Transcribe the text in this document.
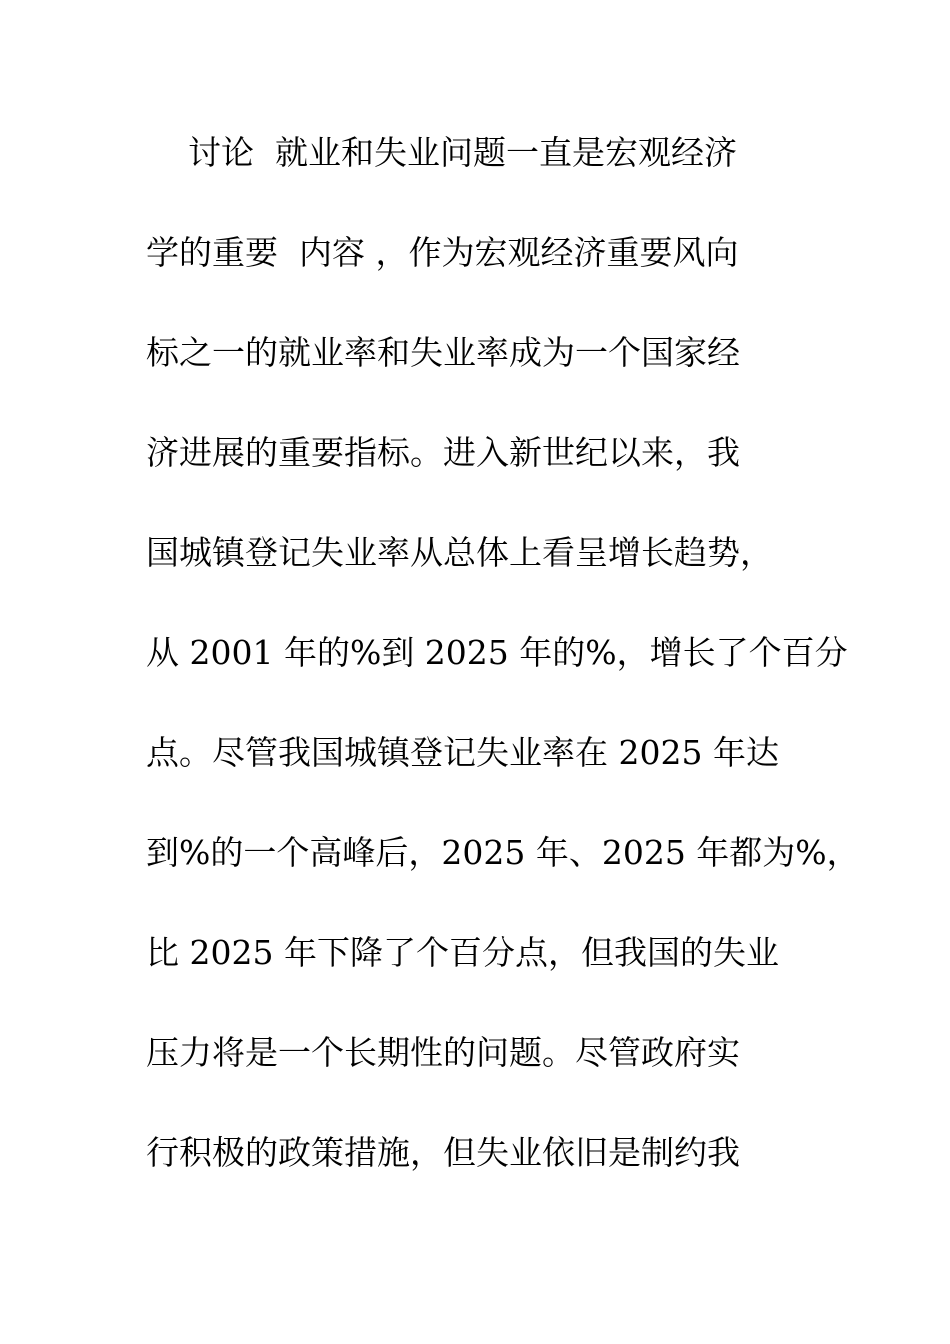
讨论  就业和失业问题一直是宏观经济
学的重要  内容 ，作为宏观经济重要风向
标之一的就业率和失业率成为一个国家经
济进展的重要指标。进入新世纪以来，我
国城镇登记失业率从总体上看呈增长趋势，
从 2001 年的%到 2025 年的%，增长了个百分
点。尽管我国城镇登记失业率在 2025 年达
到%的一个高峰后，2025 年、2025 年都为%，
比 2025 年下降了个百分点，但我国的失业
压力将是一个长期性的问题。尽管政府实
行积极的政策措施，但失业依旧是制约我
